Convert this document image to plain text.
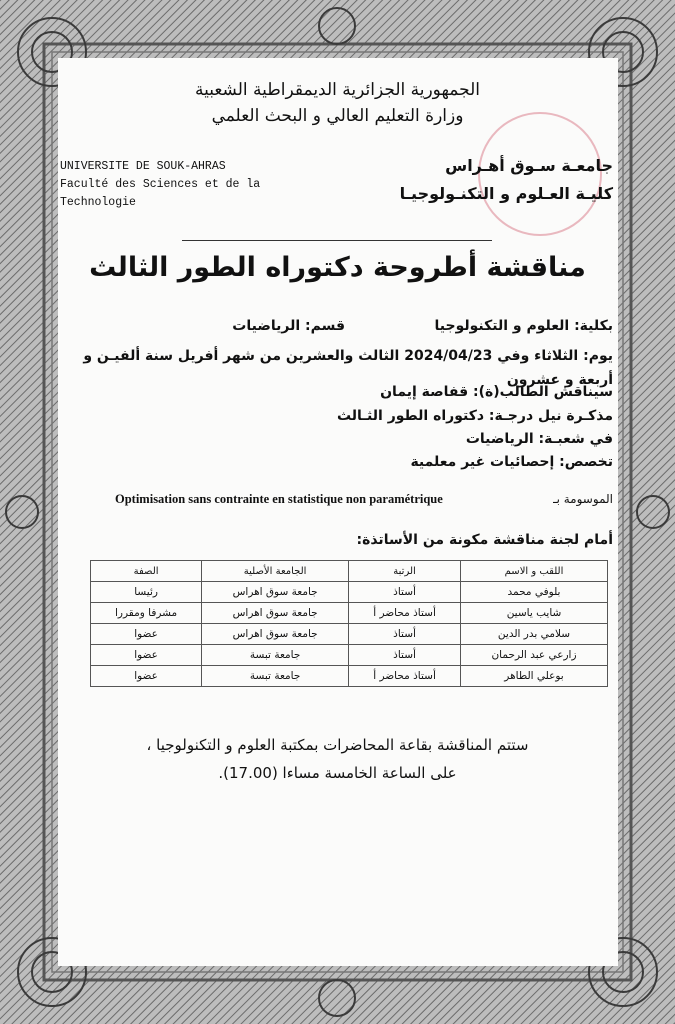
الجمهورية الجزائرية الديمقراطية الشعبية
وزارة التعليم العالي و البحث العلمي
UNIVERSITE DE SOUK-AHRAS
Faculté des Sciences et de la
Technologie
جامعـة سـوق أهـراس
كليـة العـلوم و التكنـولوجيـا
مناقشة أطروحة دكتوراه الطور الثالث
بكلية: العلوم و التكنولوجيا
قسم: الرياضيات
يوم: الثلاثاء وفي 2024/04/23 الثالث والعشرين من شهر أفريل سنة ألفيـن و أربعة و عشرون
سيناقش الطالب(ة): قفاصة إيمان
مذكـرة نيل درجـة: دكتوراه الطور الثـالث
في شعبـة: الرياضيات
تخصص: إحصائيات غير معلمية
الموسومة بـ
Optimisation sans contrainte en statistique non paramétrique
أمام لجنة مناقشة مكونة من الأساتذة:
اللقب و الاسم	الرتبة	الجامعة الأصلية	الصفة
بلوفي محمد	أستاذ	جامعة سوق اهراس	رئيسا
شايب ياسين	أستاذ محاضر أ	جامعة سوق اهراس	مشرفا ومقررا
سلامي بدر الدين	أستاذ	جامعة سوق اهراس	عضوا
زارعي عبد الرحمان	أستاذ	جامعة تبسة	عضوا
بوعلي الطاهر	أستاذ محاضر أ	جامعة تبسة	عضوا
ستتم المناقشة بقاعة المحاضرات بمكتبة العلوم و التكنولوجيا ،
على الساعة الخامسة مساءا (17.00).
